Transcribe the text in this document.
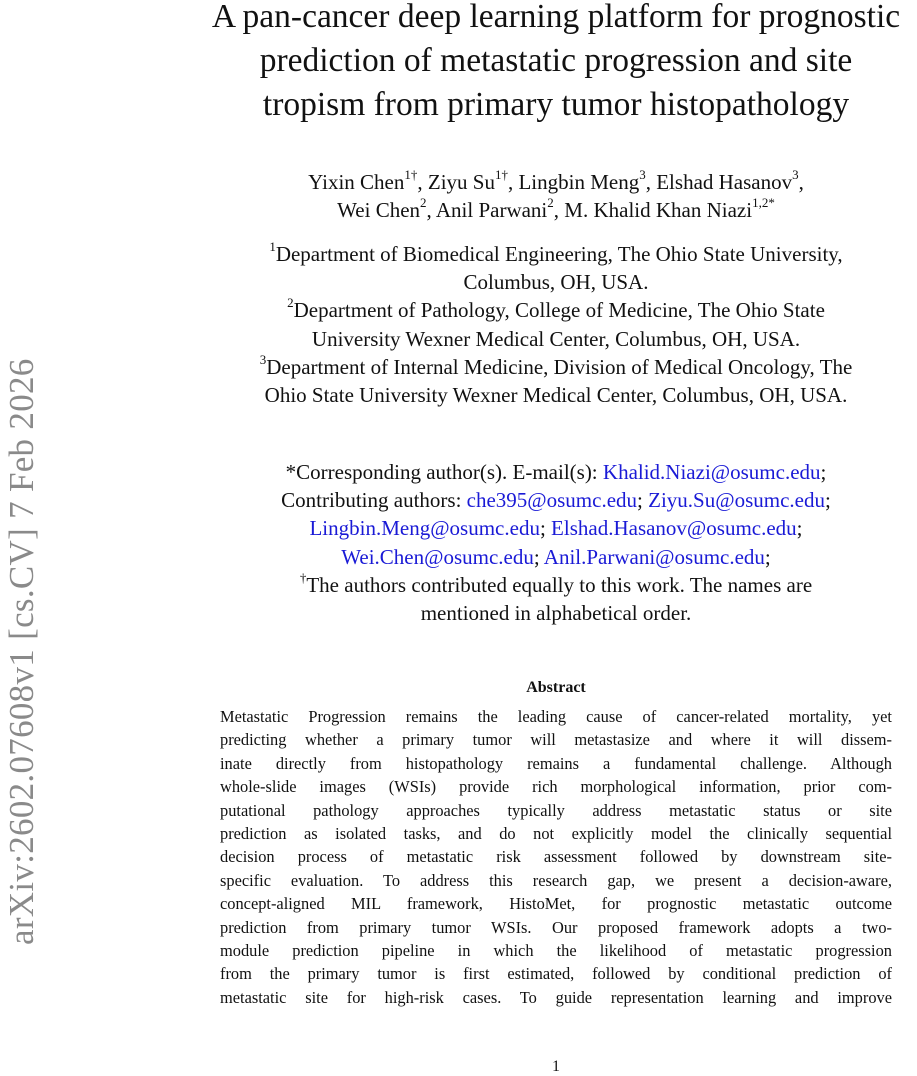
arXiv:2602.07608v1 [cs.CV] 7 Feb 2026
A pan-cancer deep learning platform for prognostic
prediction of metastatic progression and site
tropism from primary tumor histopathology
Yixin Chen$^{1\dagger}$, Ziyu $Su^{1\dagger}$, Lingbin Meng$^3$, Elshad Hasanov$^3$,
Wei Chen$^2$, Anil Parwani$^2$, M. Khalid Khan Niazi$^{1,2*}$
$^1$Department of Biomedical Engineering, The Ohio State University,
Columbus, OH, USA.
$^2$Department of Pathology, College of Medicine, The Ohio State
University Wexner Medical Center, Columbus, OH, USA.
$^3$Department of Internal Medicine, Division of Medical Oncology, The
Ohio State University Wexner Medical Center, Columbus, OH, USA.
*Corresponding author(s). E-mail(s): Khalid.Niazi@osumc.edu;
Contributing authors: che395@osumc.edu; Ziyu.Su@osumc.edu;
Lingbin.Meng@osumc.edu; Elshad.Hasanov@osumc.edu;
Wei.Chen@osumc.edu; Anil.Parwani@osumc.edu;
†The authors contributed equally to this work. The names are
mentioned in alphabetical order.
Abstract
Metastatic Progression remains the leading cause of cancer-related mortality, yet
predicting whether a primary tumor will metastasize and where it will dissem-
inate directly from histopathology remains a fundamental challenge. Although
whole-slide images (WSIs) provide rich morphological information, prior com-
putational pathology approaches typically address metastatic status or site
prediction as isolated tasks, and do not explicitly model the clinically sequential
decision process of metastatic risk assessment followed by downstream site-
specific evaluation. To address this research gap, we present a decision-aware,
concept-aligned MIL framework, HistoMet, for prognostic metastatic outcome
prediction from primary tumor WSIs. Our proposed framework adopts a two-
module prediction pipeline in which the likelihood of metastatic progression
from the primary tumor is first estimated, followed by conditional prediction of
metastatic site for high-risk cases. To guide representation learning and improve
1
